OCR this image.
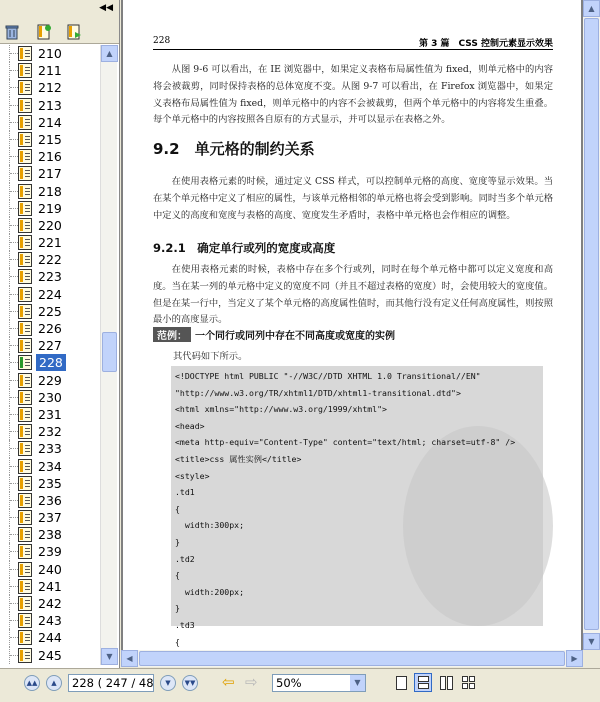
◀◀
210
211
212
213
214
215
216
217
218
219
220
221
222
223
224
225
226
227
228
229
230
231
232
233
234
235
236
237
238
239
240
241
242
243
244
245
▲
▼
228	第 3 篇　CSS 控制元素显示效果
从图 9-6 可以看出，在 IE 浏览器中，如果定义表格布局属性值为 fixed，则单元格中的内容将会被裁剪，同时保持表格的总体宽度不变。从图 9-7 可以看出，在 Firefox 浏览器中，如果定义表格布局属性值为 fixed，则单元格中的内容不会被裁剪，但两个单元格中的内容将发生重叠。每个单元格中的内容按照各自原有的方式显示，并可以显示在表格之外。
9.2　单元格的制约关系
在使用表格元素的时候，通过定义 CSS 样式，可以控制单元格的高度、宽度等显示效果。当在某个单元格中定义了相应的属性，与该单元格相邻的单元格也将会受到影响。同时当多个单元格中定义的高度和宽度与表格的高度、宽度发生矛盾时，表格中单元格也会作相应的调整。
9.2.1　确定单行或列的宽度或高度
在使用表格元素的时候，表格中存在多个行或列，同时在每个单元格中都可以定义宽度和高度。当在某一列的单元格中定义的宽度不同（并且不超过表格的宽度）时，会使用较大的宽度值。但是在某一行中，当定义了某个单元格的高度属性值时，而其他行没有定义任何高度属性，则按照最小的高度显示。
范例： 一个同行或同列中存在不同高度或宽度的实例
其代码如下所示。
<!DOCTYPE html PUBLIC "-//W3C//DTD XHTML 1.0 Transitional//EN"
"http://www.w3.org/TR/xhtml1/DTD/xhtml1-transitional.dtd">
<html xmlns="http://www.w3.org/1999/xhtml">
<head>
<meta http-equiv="Content-Type" content="text/html; charset=utf-8" />
<title>css 属性实例</title>
<style>
.td1
{
width:300px;
}
.td2
{
width:200px;
}
.td3
{
▲
▼
◀	▶
▲▲	▲	228 ( 247 / 48	▼	▼▼ ⇦ ⇨	50%	▼
